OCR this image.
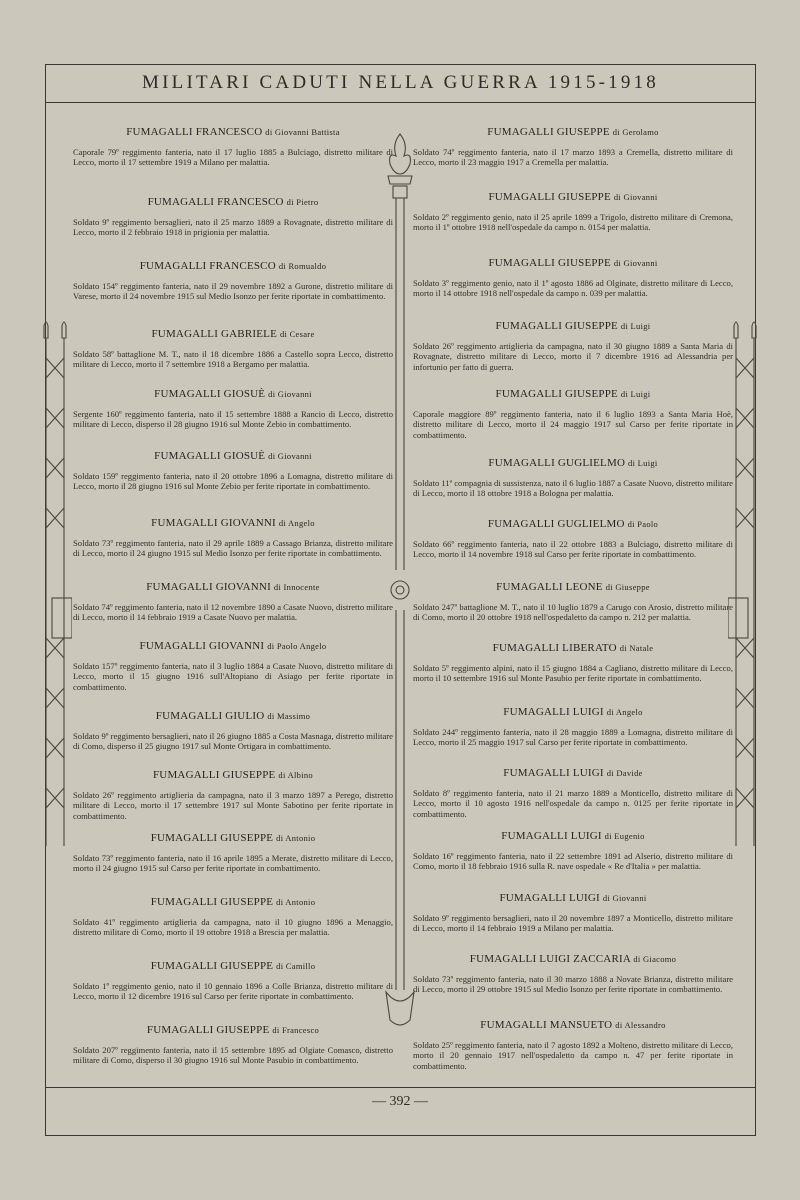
MILITARI CADUTI NELLA GUERRA 1915-1918
FUMAGALLI FRANCESCO di Giovanni Battista
Caporale 79º reggimento fanteria, nato il 17 luglio 1885 a Bulciago, distretto militare di Lecco, morto il 17 settembre 1919 a Milano per malattia.
FUMAGALLI FRANCESCO di Pietro
Soldato 9º reggimento bersaglieri, nato il 25 marzo 1889 a Rovagnate, distretto militare di Lecco, morto il 2 febbraio 1918 in prigionia per malattia.
FUMAGALLI FRANCESCO di Romualdo
Soldato 154º reggimento fanteria, nato il 29 novembre 1892 a Gurone, distretto militare di Varese, morto il 24 novembre 1915 sul Medio Isonzo per ferite riportate in combattimento.
FUMAGALLI GABRIELE di Cesare
Soldato 58º battaglione M. T., nato il 18 dicembre 1886 a Castello sopra Lecco, distretto militare di Lecco, morto il 7 settembre 1918 a Bergamo per malattia.
FUMAGALLI GIOSUÈ di Giovanni
Sergente 160º reggimento fanteria, nato il 15 settembre 1888 a Rancio di Lecco, distretto militare di Lecco, disperso il 28 giugno 1916 sul Monte Zebio in combattimento.
FUMAGALLI GIOSUÈ di Giovanni
Soldato 159º reggimento fanteria, nato il 20 ottobre 1896 a Lomagna, distretto militare di Lecco, morto il 28 giugno 1916 sul Monte Zebio per ferite riportate in combattimento.
FUMAGALLI GIOVANNI di Angelo
Soldato 73º reggimento fanteria, nato il 29 aprile 1889 a Cassago Brianza, distretto militare di Lecco, morto il 24 giugno 1915 sul Medio Isonzo per ferite riportate in combattimento.
FUMAGALLI GIOVANNI di Innocente
Soldato 74º reggimento fanteria, nato il 12 novembre 1890 a Casate Nuovo, distretto militare di Lecco, morto il 14 febbraio 1919 a Casate Nuovo per malattia.
FUMAGALLI GIOVANNI di Paolo Angelo
Soldato 157º reggimento fanteria, nato il 3 luglio 1884 a Casate Nuovo, distretto militare di Lecco, morto il 15 giugno 1916 sull'Altopiano di Asiago per ferite riportate in combattimento.
FUMAGALLI GIULIO di Massimo
Soldato 9º reggimento bersaglieri, nato il 26 giugno 1885 a Costa Masnaga, distretto militare di Como, disperso il 25 giugno 1917 sul Monte Ortigara in combattimento.
FUMAGALLI GIUSEPPE di Albino
Soldato 26º reggimento artiglieria da campagna, nato il 3 marzo 1897 a Perego, distretto militare di Lecco, morto il 17 settembre 1917 sul Monte Sabotino per ferite riportate in combattimento.
FUMAGALLI GIUSEPPE di Antonio
Soldato 73º reggimento fanteria, nato il 16 aprile 1895 a Merate, distretto militare di Lecco, morto il 24 giugno 1915 sul Carso per ferite riportate in combattimento.
FUMAGALLI GIUSEPPE di Antonio
Soldato 41º reggimento artiglieria da campagna, nato il 10 giugno 1896 a Menaggio, distretto militare di Como, morto il 19 ottobre 1918 a Brescia per malattia.
FUMAGALLI GIUSEPPE di Camillo
Soldato 1º reggimento genio, nato il 10 gennaio 1896 a Colle Brianza, distretto militare di Lecco, morto il 12 dicembre 1916 sul Carso per ferite riportate in combattimento.
FUMAGALLI GIUSEPPE di Francesco
Soldato 207º reggimento fanteria, nato il 15 settembre 1895 ad Olgiate Comasco, distretto militare di Como, disperso il 30 giugno 1916 sul Monte Pasubio in combattimento.
FUMAGALLI GIUSEPPE di Gerolamo
Soldato 74º reggimento fanteria, nato il 17 marzo 1893 a Cremella, distretto militare di Lecco, morto il 23 maggio 1917 a Cremella per malattia.
FUMAGALLI GIUSEPPE di Giovanni
Soldato 2º reggimento genio, nato il 25 aprile 1899 a Trigolo, distretto militare di Cremona, morto il 1º ottobre 1918 nell'ospedale da campo n. 0154 per malattia.
FUMAGALLI GIUSEPPE di Giovanni
Soldato 3º reggimento genio, nato il 1º agosto 1886 ad Olginate, distretto militare di Lecco, morto il 14 ottobre 1918 nell'ospedale da campo n. 039 per malattia.
FUMAGALLI GIUSEPPE di Luigi
Soldato 26º reggimento artiglieria da campagna, nato il 30 giugno 1889 a Santa Maria di Rovagnate, distretto militare di Lecco, morto il 7 dicembre 1916 ad Alessandria per infortunio per fatto di guerra.
FUMAGALLI GIUSEPPE di Luigi
Caporale maggiore 89º reggimento fanteria, nato il 6 luglio 1893 a Santa Maria Hoè, distretto militare di Lecco, morto il 24 maggio 1917 sul Carso per ferite riportate in combattimento.
FUMAGALLI GUGLIELMO di Luigi
Soldato 11ª compagnia di sussistenza, nato il 6 luglio 1887 a Casate Nuovo, distretto militare di Lecco, morto il 18 ottobre 1918 a Bologna per malattia.
FUMAGALLI GUGLIELMO di Paolo
Soldato 66º reggimento fanteria, nato il 22 ottobre 1883 a Bulciago, distretto militare di Lecco, morto il 14 novembre 1918 sul Carso per ferite riportate in combattimento.
FUMAGALLI LEONE di Giuseppe
Soldato 247º battaglione M. T., nato il 10 luglio 1879 a Carugo con Arosio, distretto militare di Como, morto il 20 ottobre 1918 nell'ospedaletto da campo n. 212 per malattia.
FUMAGALLI LIBERATO di Natale
Soldato 5º reggimento alpini, nato il 15 giugno 1884 a Cagliano, distretto militare di Lecco, morto il 10 settembre 1916 sul Monte Pasubio per ferite riportate in combattimento.
FUMAGALLI LUIGI di Angelo
Soldato 244º reggimento fanteria, nato il 28 maggio 1889 a Lomagna, distretto militare di Lecco, morto il 25 maggio 1917 sul Carso per ferite riportate in combattimento.
FUMAGALLI LUIGI di Davide
Soldato 8º reggimento fanteria, nato il 21 marzo 1889 a Monticello, distretto militare di Lecco, morto il 10 agosto 1916 nell'ospedale da campo n. 0125 per ferite riportate in combattimento.
FUMAGALLI LUIGI di Eugenio
Soldato 16º reggimento fanteria, nato il 22 settembre 1891 ad Alserio, distretto militare di Como, morto il 18 febbraio 1916 sulla R. nave ospedale « Re d'Italia » per malattia.
FUMAGALLI LUIGI di Giovanni
Soldato 9º reggimento bersaglieri, nato il 20 novembre 1897 a Monticello, distretto militare di Lecco, morto il 14 febbraio 1919 a Milano per malattia.
FUMAGALLI LUIGI ZACCARIA di Giacomo
Soldato 73º reggimento fanteria, nato il 30 marzo 1888 a Novate Brianza, distretto militare di Lecco, morto il 29 ottobre 1915 sul Medio Isonzo per ferite riportate in combattimento.
FUMAGALLI MANSUETO di Alessandro
Soldato 25º reggimento fanteria, nato il 7 agosto 1892 a Molteno, distretto militare di Lecco, morto il 20 gennaio 1917 nell'ospedaletto da campo n. 47 per ferite riportate in combattimento.
— 392 —
